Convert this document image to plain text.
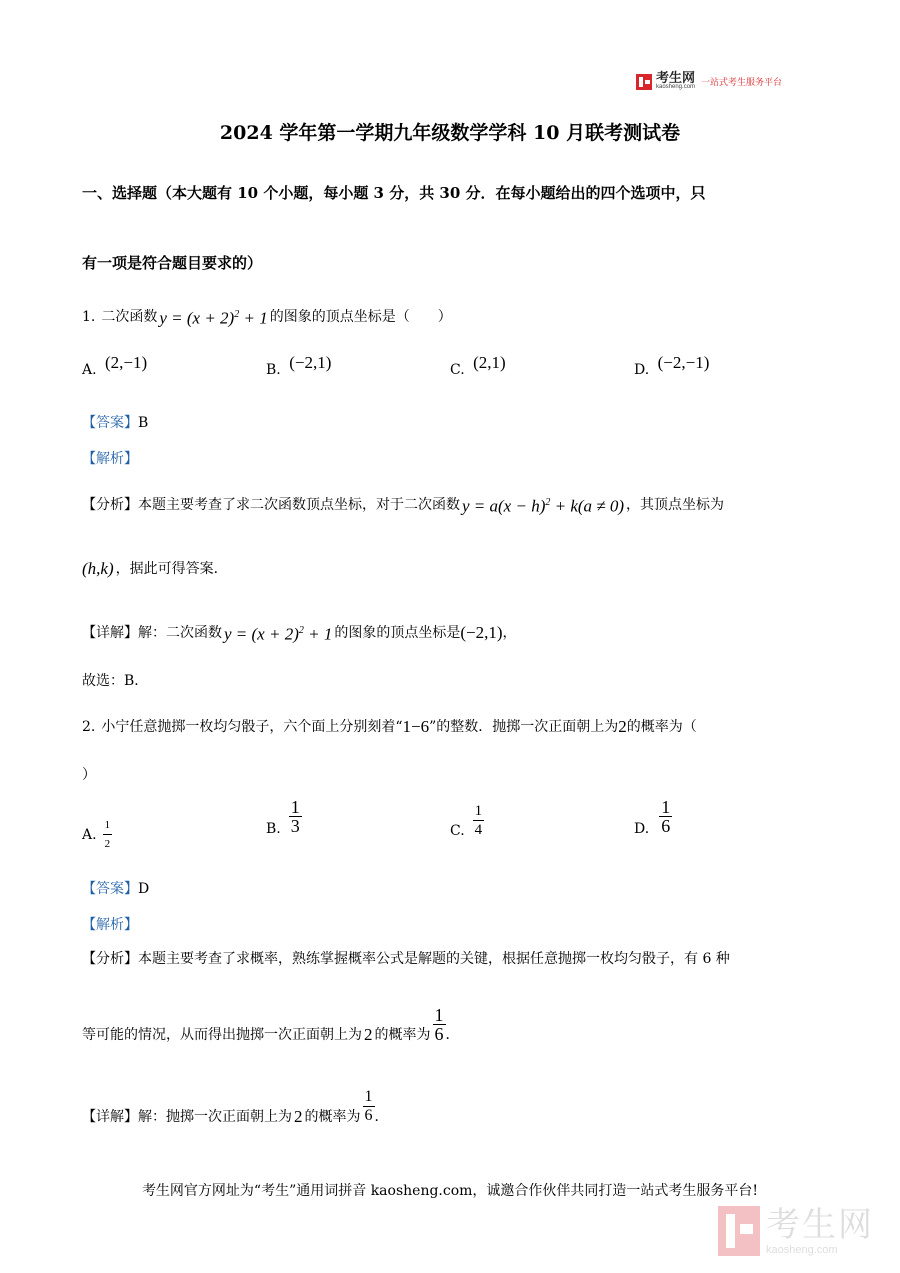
考生网
kaosheng.com 一站式考生服务平台
2024 学年第一学期九年级数学学科 10 月联考测试卷
一、选择题（本大题有 10 个小题，每小题 3 分，共 30 分．在每小题给出的四个选项中，只
有一项是符合题目要求的）
1. 二次函数 $y = (x + 2)^2 + 1$ 的图象的顶点坐标是（　　）
A. (2,−1)	B. (−2,1)	C. (2,1)	D. (−2,−1)
【答案】B
【解析】
【分析】 本题主要考查了求二次函数顶点坐标，对于二次函数 $y = a(x - h)^2 + k(a \ne 0)$ ，其顶点坐标为
(h,k) ，据此可得答案．
【详解】 解：二次函数 $y = (x + 2)^2 + 1$ 的图象的顶点坐标是 (−2,1) ，
故选：B．
2. 小宁任意抛掷一枚均匀骰子，六个面上分别刻着“ 1−6 ”的整数．抛掷一次正面朝上为 2 的概率为（
）
A. $\frac{1}{2}$	B. $\frac{1}{3}$	C. $\frac{1}{4}$	D. $\frac{1}{6}$
【答案】D
【解析】
【分析】本题主要考查了求概率，熟练掌握概率公式是解题的关键，根据任意抛掷一枚均匀骰子，有 6 种
等可能的情况，从而得出抛掷一次正面朝上为 2 的概率为 $\frac{1}{6}$ ．
【详解】 解：抛掷一次正面朝上为 2 的概率为 $\frac{1}{6}$ ．
考生网官方网址为“考生”通用词拼音 kaosheng.com，诚邀合作伙伴共同打造一站式考生服务平台!
考生网
kaosheng.com
